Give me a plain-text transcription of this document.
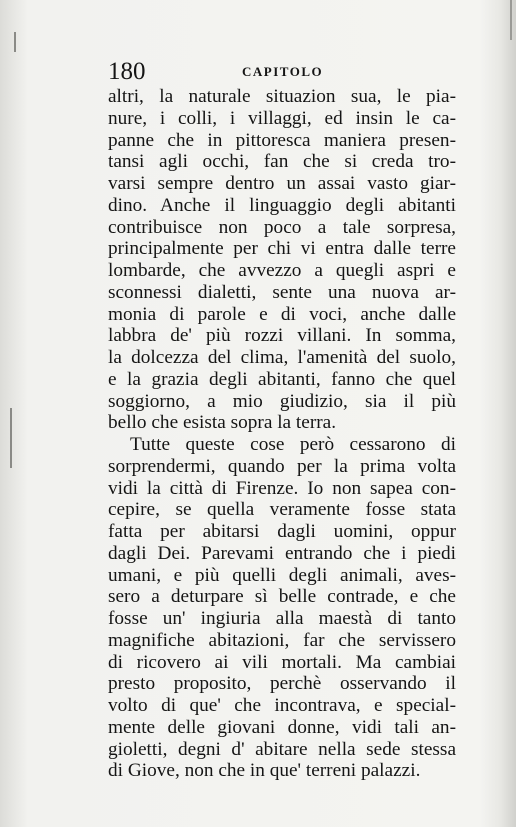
180	CAPITOLO
altri, la naturale situazion sua, le pia-
nure, i colli, i villaggi, ed insin le ca-
panne che in pittoresca maniera presen-
tansi agli occhi, fan che si creda tro-
varsi sempre dentro un assai vasto giar-
dino. Anche il linguaggio degli abitanti
contribuisce non poco a tale sorpresa,
principalmente per chi vi entra dalle terre
lombarde, che avvezzo a quegli aspri e
sconnessi dialetti, sente una nuova ar-
monia di parole e di voci, anche dalle
labbra de' più rozzi villani. In somma,
la dolcezza del clima, l'amenità del suolo,
e la grazia degli abitanti, fanno che quel
soggiorno, a mio giudizio, sia il più
bello che esista sopra la terra.
Tutte queste cose però cessarono di
sorprendermi, quando per la prima volta
vidi la città di Firenze. Io non sapea con-
cepire, se quella veramente fosse stata
fatta per abitarsi dagli uomini, oppur
dagli Dei. Parevami entrando che i piedi
umani, e più quelli degli animali, aves-
sero a deturpare sì belle contrade, e che
fosse un' ingiuria alla maestà di tanto
magnifiche abitazioni, far che servissero
di ricovero ai vili mortali. Ma cambiai
presto proposito, perchè osservando il
volto di que' che incontrava, e special-
mente delle giovani donne, vidi tali an-
gioletti, degni d' abitare nella sede stessa
di Giove, non che in que' terreni palazzi.
